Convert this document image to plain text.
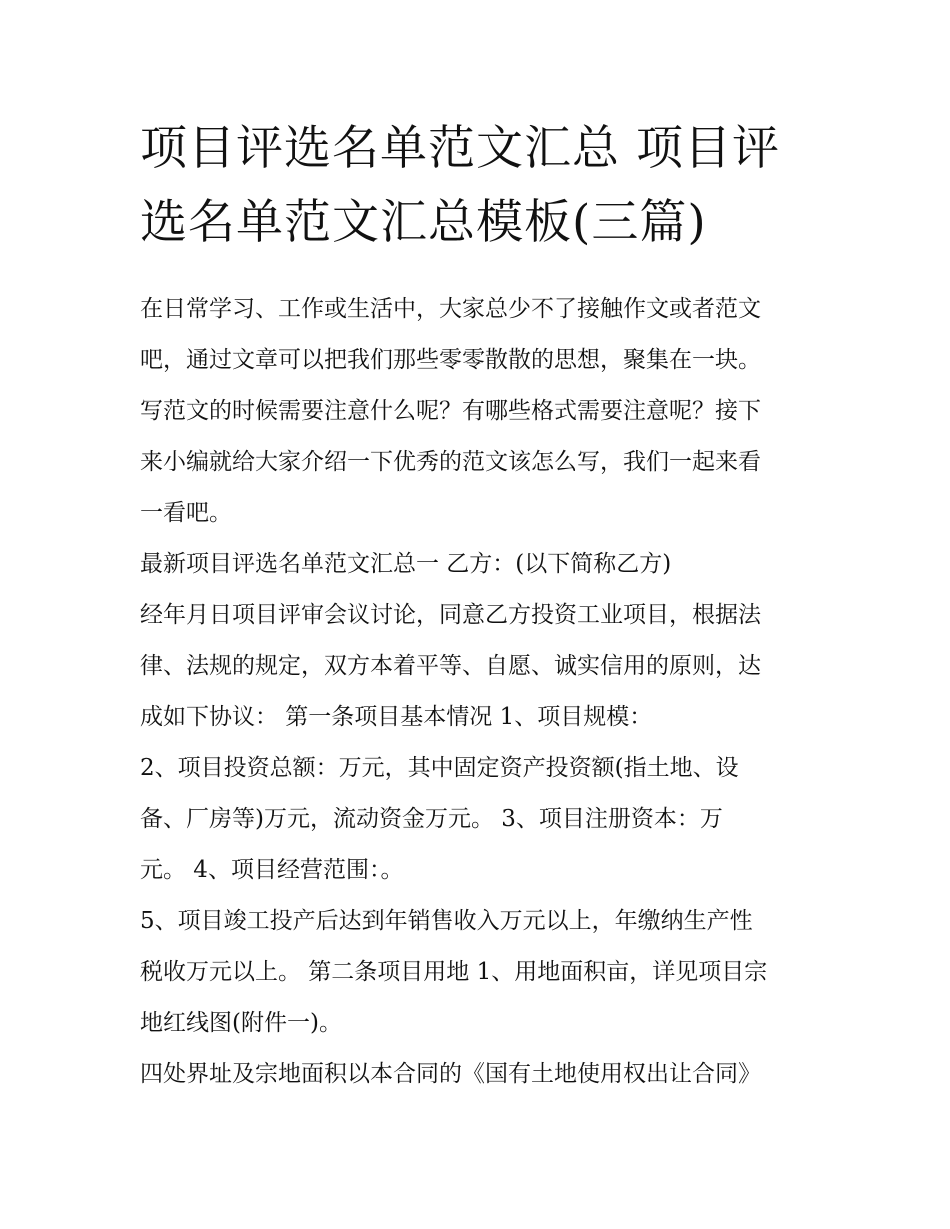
项目评选名单范文汇总 项目评
选名单范文汇总模板(三篇)
在日常学习、工作或生活中，大家总少不了接触作文或者范文
吧，通过文章可以把我们那些零零散散的思想，聚集在一块。
写范文的时候需要注意什么呢？有哪些格式需要注意呢？接下
来小编就给大家介绍一下优秀的范文该怎么写，我们一起来看
一看吧。
最新项目评选名单范文汇总一 乙方：(以下简称乙方)
经年月日项目评审会议讨论，同意乙方投资工业项目，根据法
律、法规的规定，双方本着平等、自愿、诚实信用的原则，达
成如下协议： 第一条项目基本情况 1、项目规模：
2、项目投资总额：万元，其中固定资产投资额(指土地、设
备、厂房等)万元，流动资金万元。 3、项目注册资本：万
元。 4、项目经营范围：。
5、项目竣工投产后达到年销售收入万元以上，年缴纳生产性
税收万元以上。 第二条项目用地 1、用地面积亩，详见项目宗
地红线图(附件一)。
四处界址及宗地面积以本合同的《国有土地使用权出让合同》
